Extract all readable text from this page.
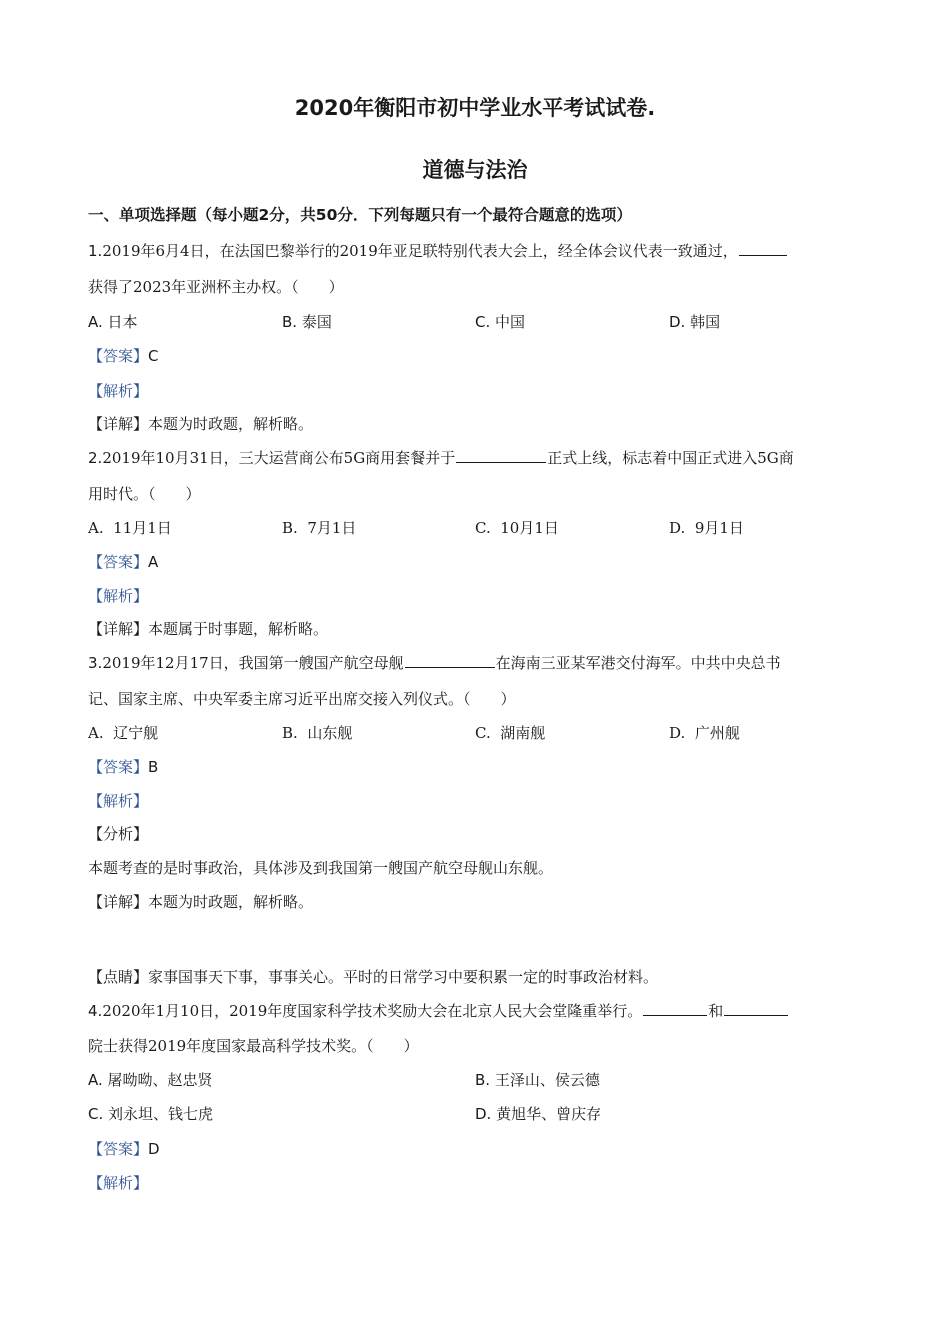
2020年衡阳市初中学业水平考试试卷.
道德与法治
一、单项选择题（每小题2分，共50分．下列每题只有一个最符合题意的选项）
1.2019年6月4日，在法国巴黎举行的2019年亚足联特别代表大会上，经全体会议代表一致通过，
获得了2023年亚洲杯主办权。（　　）
A. 日本	B. 泰国	C. 中国	D. 韩国
【答案】C
【解析】
【详解】本题为时政题，解析略。
2.2019年10月31日，三大运营商公布5G商用套餐并于	正式上线，标志着中国正式进入5G商
用时代。（　　）
A. 11月1日	B. 7月1日	C. 10月1日	D. 9月1日
【答案】A
【解析】
【详解】本题属于时事题，解析略。
3.2019年12月17日，我国第一艘国产航空母舰	在海南三亚某军港交付海军。中共中央总书
记、国家主席、中央军委主席习近平出席交接入列仪式。（　　）
A. 辽宁舰	B. 山东舰	C. 湖南舰	D. 广州舰
【答案】B
【解析】
【分析】
本题考查的是时事政治，具体涉及到我国第一艘国产航空母舰山东舰。
【详解】本题为时政题，解析略。
【点睛】家事国事天下事，事事关心。平时的日常学习中要积累一定的时事政治材料。
4.2020年1月10日，2019年度国家科学技术奖励大会在北京人民大会堂隆重举行。	和
院士获得2019年度国家最高科学技术奖。（　　）
A. 屠呦呦、赵忠贤	B. 王泽山、侯云德
C. 刘永坦、钱七虎	D. 黄旭华、曾庆存
【答案】D
【解析】
